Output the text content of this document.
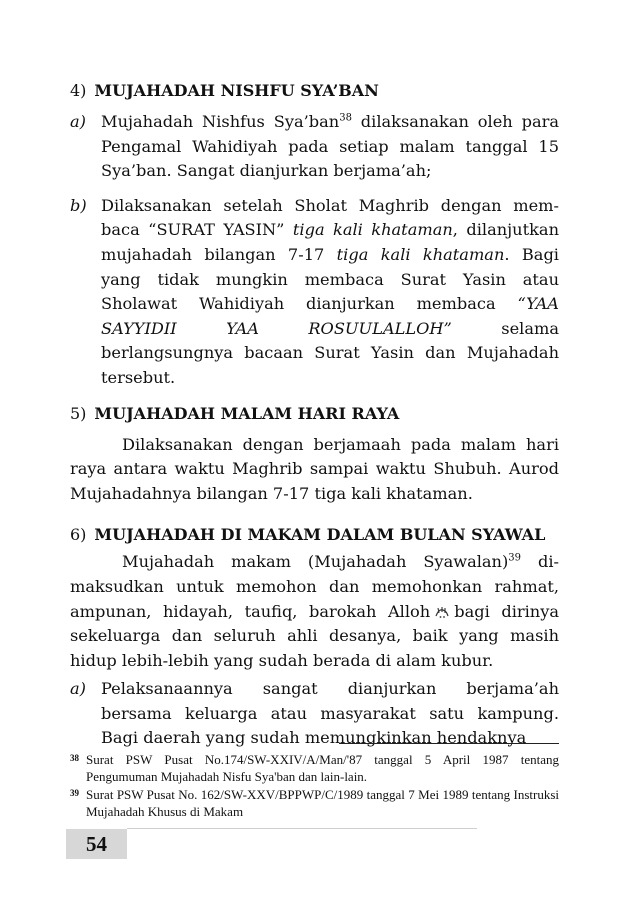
4) MUJAHADAH NISHFU SYA’BAN
a) Mujahadah Nishfus Sya’ban$^{38}$ dilaksanakan oleh para Pengamal Wahidiyah pada setiap malam tanggal 15 Sya’ban. Sangat dianjurkan berjama’ah;
b) Dilaksanakan setelah Sholat Maghrib dengan mem-baca “SURAT YASIN” tiga kali khataman, dilanjutkan mujahadah bilangan 7-17 tiga kali khataman. Bagi yang tidak mungkin membaca Surat Yasin atau Sholawat Wahidiyah dianjurkan membaca “YAA SAYYIDII YAA ROSUULALLOH” selama berlangsungnya bacaan Surat Yasin dan Mujahadah tersebut.
5) MUJAHADAH MALAM HARI RAYA
Dilaksanakan dengan berjamaah pada malam hari raya antara waktu Maghrib sampai waktu Shubuh. Aurod Mujahadahnya bilangan 7-17 tiga kali khataman.
6) MUJAHADAH DI MAKAM DALAM BULAN SYAWAL
Mujahadah makam (Mujahadah Syawalan)$^{39}$ di-maksudkan untuk memohon dan memohonkan rahmat, ampunan, hidayah, taufiq, barokah Alloh bagi dirinya sekeluarga dan seluruh ahli desanya, baik yang masih hidup lebih-lebih yang sudah berada di alam kubur.
a) Pelaksanaannya sangat dianjurkan berjama’ah bersama keluarga atau masyarakat satu kampung. Bagi daerah yang sudah memungkinkan hendaknya
38 Surat PSW Pusat No.174/SW-XXIV/A/Man/'87 tanggal 5 April 1987 tentang Pengumuman Mujahadah Nisfu Sya'ban dan lain-lain.
39 Surat PSW Pusat No. 162/SW-XXV/BPPWP/C/1989 tanggal 7 Mei 1989 tentang Instruksi Mujahadah Khusus di Makam
54
